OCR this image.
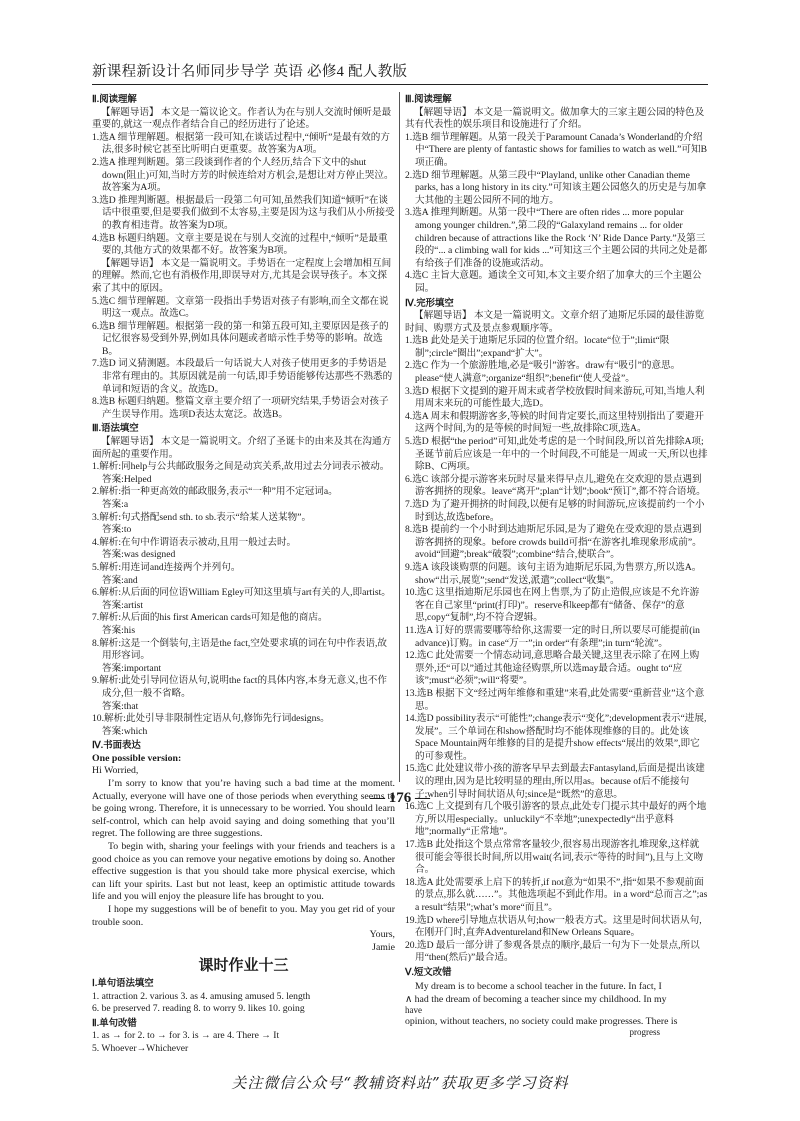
新课程新设计名师同步导学 英语 必修4 配人教版
Ⅱ.阅读理解

【解题导语】 本文是一篇议论文。作者认为在与别人交流时倾听是最重要的,就这一观点作者结合自己的经历进行了论述。

1.选A 细节理解题。根据第一段可知,在谈话过程中,“倾听”是最有效的方法,很多时候它甚至比听明白更重要。故答案为A项。

2.选A 推理判断题。第三段谈到作者的个人经历,结合下文中的shut down(阻止)可知,当时方芳的时候连给对方机会,是想让对方停止哭泣。故答案为A项。

3.选D 推理判断题。根据最后一段第二句可知,虽然我们知道“倾听”在谈话中很重要,但是要我们做到不太容易,主要是因为这与我们从小所接受的教育相违背。故答案为D项。

4.选B 标题归纳题。文章主要是说在与别人交流的过程中,“倾听”是最重要的,其他方式的效果都不好。故答案为B项。

【解题导语】 本文是一篇说明文。手势语在一定程度上会增加相互间的理解。然而,它也有消极作用,即误导对方,尤其是会误导孩子。本文探索了其中的原因。

5.选C 细节理解题。文章第一段指出手势语对孩子有影响,而全文都在说明这一观点。故选C。

6.选B 细节理解题。根据第一段的第一和第五段可知,主要原因是孩子的记忆很容易受到外界,例如具体问题或者暗示性手势等的影响。故选B。

7.选D 词义猜测题。本段最后一句话说大人对孩子使用更多的手势语是非常有理由的。其原因就是前一句话,即手势语能够传达那些不熟悉的单词和短语的含义。故选D。

8.选B 标题归纳题。整篇文章主要介绍了一项研究结果,手势语会对孩子产生误导作用。选项D表达太宽泛。故选B。

Ⅲ.语法填空

【解题导语】 本文是一篇说明文。介绍了圣诞卡的由来及其在沟通方面所起的重要作用。

1.解析:同help与公共邮政服务之间是动宾关系,故用过去分词表示被动。

答案:Helped

2.解析:指一种更高效的邮政服务,表示“一种”用不定冠词a。

答案:a

3.解析:句式搭配send sth. to sb.表示“给某人送某物”。

答案:to

4.解析:在句中作谓语表示被动,且用一般过去时。

答案:was designed

5.解析:用连词and连接两个并列句。

答案:and

6.解析:从后面的同位语William Egley可知这里填与art有关的人,即artist。

答案:artist

7.解析:从后面的his first American cards可知是他的商店。

答案:his

8.解析:这是一个倒装句,主语是the fact,空处要求填的词在句中作表语,故用形容词。

答案:important

9.解析:此处引导同位语从句,说明the fact的具体内容,本身无意义,也不作成分,但一般不省略。

答案:that

10.解析:此处引导非限制性定语从句,修饰先行词designs。

答案:which

Ⅳ.书面表达

One possible version:

Hi Worried,

I’m sorry to know that you’re having such a bad time at the moment. Actually, everyone will have one of those periods when everything seems to be going wrong. Therefore, it is unnecessary to be worried. You should learn self-control, which can help avoid saying and doing something that you’ll regret. The following are three suggestions.

To begin with, sharing your feelings with your friends and teachers is a good choice as you can remove your negative emotions by doing so. Another effective suggestion is that you should take more physical exercise, which can lift your spirits. Last but not least, keep an optimistic attitude towards life and you will enjoy the pleasure life has brought to you.

I hope my suggestions will be of benefit to you. May you get rid of your trouble soon.

Yours,

Jamie

课时作业十三
Ⅰ.单句语法填空

1. attraction 2. various 3. as 4. amusing amused 5. length

6. be preserved 7. reading 8. to worry 9. likes 10. going

Ⅱ.单句改错

1. as → for 2. to → for 3. is → are 4. There → It

5. Whoever→Whichever

Ⅲ.阅读理解

【解题导语】 本文是一篇说明文。做加拿大的三家主题公园的特色及其有代表性的娱乐项目和设施进行了介绍。

1.选B 细节理解题。从第一段关于Paramount Canada’s Wonderland的介绍中“There are plenty of fantastic shows for families to watch as well.”可知B项正确。

2.选D 细节理解题。从第三段中“Playland, unlike other Canadian theme parks, has a long history in its city.”可知该主题公园悠久的历史是与加拿大其他的主题公园所不同的地方。

3.选A 推理判断题。从第一段中“There are often rides ... more popular among younger children.”,第二段的“Galaxyland remains ... for older children because of attractions like the Rock ‘N’ Ride Dance Party.”及第三段的“... a climbing wall for kids ...”可知这三个主题公园的共同之处是都有给孩子们准备的设施或活动。

4.选C 主旨大意题。通读全文可知,本文主要介绍了加拿大的三个主题公园。

Ⅳ.完形填空

【解题导语】 本文是一篇说明文。文章介绍了迪斯尼乐园的最佳游览时间、购票方式及景点参观顺序等。

1.选B 此处是关于迪斯尼乐园的位置介绍。locate“位于”;limit“限制”;circle“圈出”;expand“扩大”。

2.选C 作为一个旅游胜地,必是“吸引”游客。draw有“吸引”的意思。please“使人满意”;organize“组织”;benefit“使人受益”。

3.选D 根据下文提到的避开周末或者学校放假时间来游玩,可知,当地人利用周末来玩的可能性最大,选D。

4.选A 周末和假期游客多,等候的时间肯定要长,而这里特别指出了要避开这两个时间,为的是等候的时间短一些,故排除C项,选A。

5.选D 根据“the period”可知,此处考虑的是一个时间段,所以首先排除A项;圣诞节前后应该是一年中的一个时间段,不可能是一周或一天,所以也排除B、C两项。

6.选C 该部分提示游客来玩时尽量来得早点儿,避免在交欢迎的景点遇到游客拥挤的现象。leave“离开”;plan“计划”;book“预订”,都不符合语境。

7.选D 为了避开拥挤的时间段,以便有足够的时间游玩,应该提前约一个小时到达,故选before。

8.选B 提前约一个小时到达迪斯尼乐园,是为了避免在受欢迎的景点遇到游客拥挤的现象。before crowds build可指“在游客扎堆现象形成前”。avoid“回避”;break“破裂”;combine“结合,使联合”。

9.选A 该段谈购票的问题。该句主语为迪斯尼乐园,为售票方,所以选A。show“出示,展览”;send“发送,派遣”;collect“收集”。

10.选C 这里指迪斯尼乐园也在网上售票,为了防止造假,应该是不允许游客在自己家里“print(打印)”。reserve和keep都有“储备、保存”的意思,copy“复制”,均不符合逻辑。

11.选A 订好的票需要哪等给你,这需要一定的时日,所以要尽可能提前(in advance)订购。in case“万一”;in order“有条理”;in turn“轮流”。

12.选C 此处需要一个情态动词,意思略合最关键,这里表示除了在网上购票外,还“可以”通过其他途径购票,所以选may最合适。ought to“应该”;must“必须”;will“将要”。

13.选B 根据下文“经过两年维修和重建”来看,此处需要“重新营业”这个意思。

14.选D possibility表示“可能性”;change表示“变化”;development表示“进展,发展”。三个单词在和show搭配时均不能体现维修的目的。此处该Space Mountain两年维修的目的是提升show effects“展出的效果”,即它的可参观性。

15.选C 此处建议带小孩的游客早早去到最去Fantasyland,后面是提出该建议的理由,因为是比较明显的理由,所以用as。because of后不能接句子;when引导时间状语从句;since是“既然”的意思。

16.选C 上文提到有几个吸引游客的景点,此处专门提示其中最好的两个地方,所以用especially。unluckily“不幸地”;unexpectedly“出乎意料地”;normally“正常地”。

17.选B 此处指这个景点常常客量较少,很容易出现游客扎堆现象,这样就很可能会等很长时间,所以用wait(名词,表示“等待的时间”),且与上文吻合。

18.选A 此处需要承上启下的转折,if not意为“如果不”,指“如果不参观前面的景点,那么就……”。其他选项起不到此作用。in a word“总而言之”;as a result“结果”;what’s more“而且”。

19.选D where引导地点状语从句;how一般表方式。这里是时间状语从句,在刚开门时,直奔Adventureland和New Orleans Square。

20.选D 最后一部分讲了参观各景点的顺序,最后一句为下一处景点,所以用“then(然后)”最合适。

Ⅴ.短文改错

My dream is to become a school teacher in the future. In fact, I

∧ had the dream of becoming a teacher since my childhood. In my

have

opinion, without teachers, no society could make progresses. There is

progress

— 176 —
关注微信公众号“教辅资料站”获取更多学习资料
